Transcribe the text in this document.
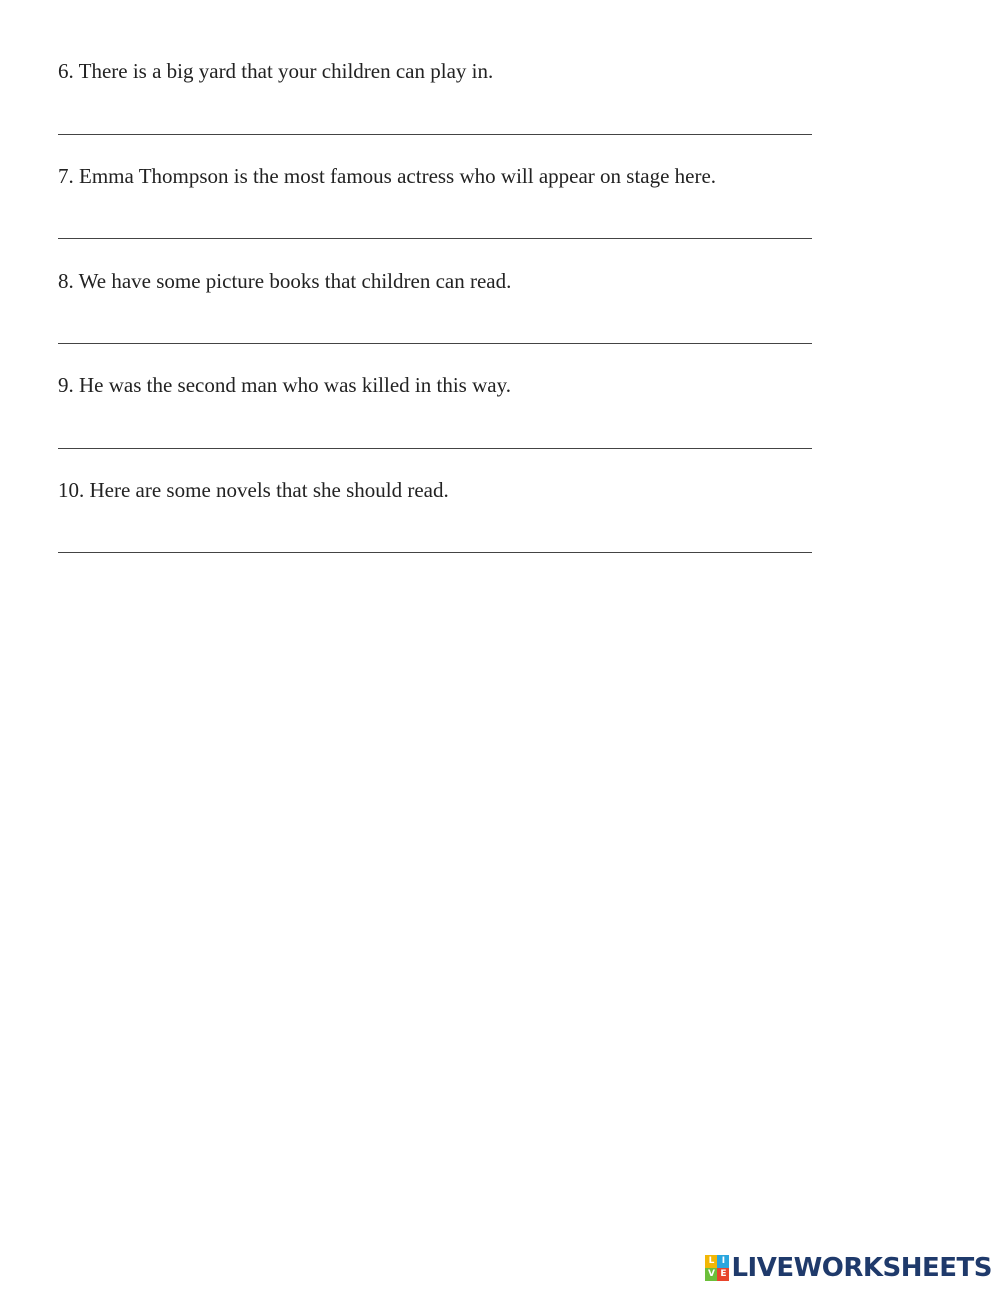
6. There is a big yard that your children can play in.
7. Emma Thompson is the most famous actress who will appear on stage here.
8. We have some picture books that children can read.
9. He was the second man who was killed in this way.
10. Here are some novels that she should read.
L I
V E LIVEWORKSHEETS
